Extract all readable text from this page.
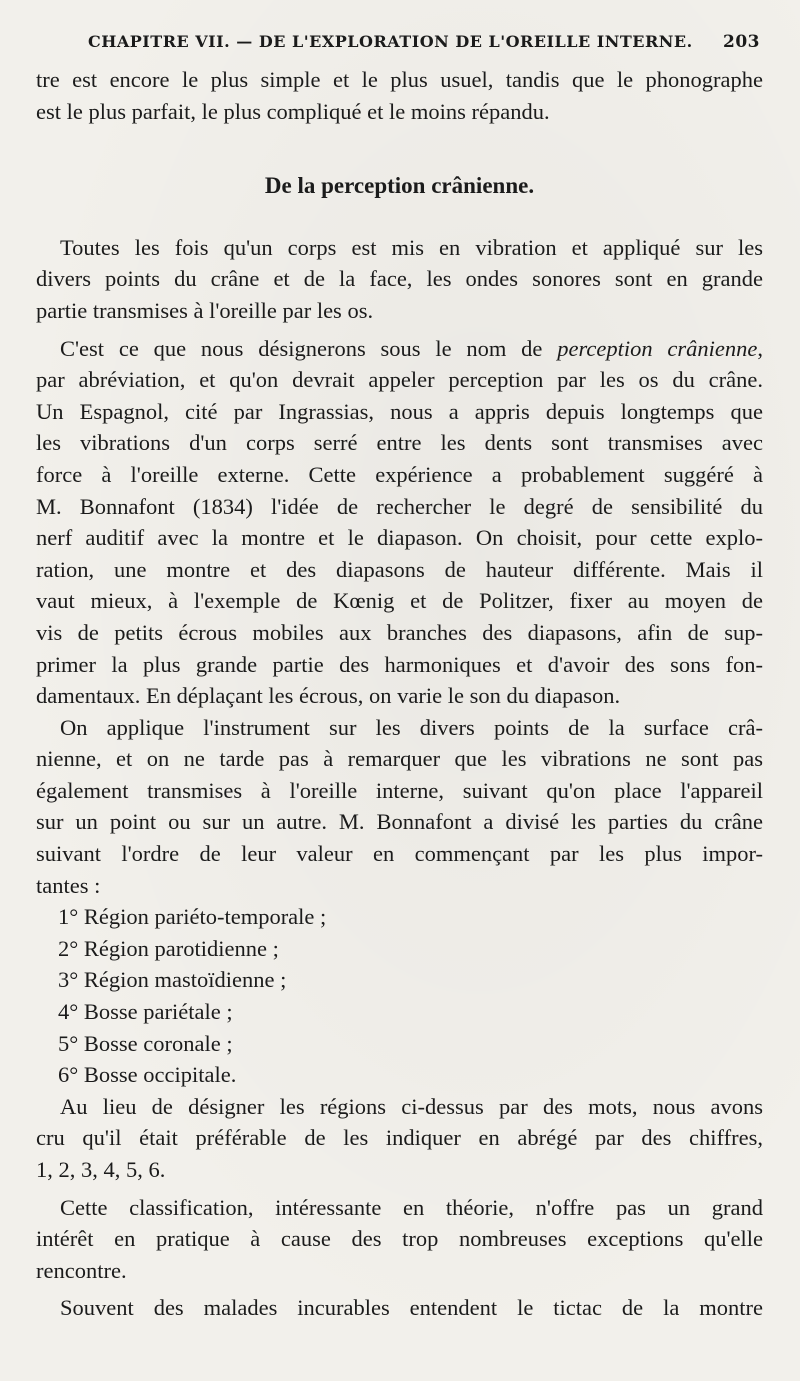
CHAPITRE VII. — DE L'EXPLORATION DE L'OREILLE INTERNE. 203

tre est encore le plus simple et le plus usuel, tandis que le phonographe

est le plus parfait, le plus compliqué et le moins répandu.

De la perception crânienne.

Toutes les fois qu'un corps est mis en vibration et appliqué sur les

divers points du crâne et de la face, les ondes sonores sont en grande

partie transmises à l'oreille par les os.

C'est ce que nous désignerons sous le nom de perception crânienne,

par abréviation, et qu'on devrait appeler perception par les os du crâne.

Un Espagnol, cité par Ingrassias, nous a appris depuis longtemps que

les vibrations d'un corps serré entre les dents sont transmises avec

force à l'oreille externe. Cette expérience a probablement suggéré à

M. Bonnafont (1834) l'idée de rechercher le degré de sensibilité du

nerf auditif avec la montre et le diapason. On choisit, pour cette explo-

ration, une montre et des diapasons de hauteur différente. Mais il

vaut mieux, à l'exemple de Kœnig et de Politzer, fixer au moyen de

vis de petits écrous mobiles aux branches des diapasons, afin de sup-

primer la plus grande partie des harmoniques et d'avoir des sons fon-

damentaux. En déplaçant les écrous, on varie le son du diapason.

On applique l'instrument sur les divers points de la surface crâ-

nienne, et on ne tarde pas à remarquer que les vibrations ne sont pas

également transmises à l'oreille interne, suivant qu'on place l'appareil

sur un point ou sur un autre. M. Bonnafont a divisé les parties du crâne

suivant l'ordre de leur valeur en commençant par les plus impor-

tantes :

1° Région pariéto-temporale ;

2° Région parotidienne ;

3° Région mastoïdienne ;

4° Bosse pariétale ;

5° Bosse coronale ;

6° Bosse occipitale.

Au lieu de désigner les régions ci-dessus par des mots, nous avons

cru qu'il était préférable de les indiquer en abrégé par des chiffres,

1, 2, 3, 4, 5, 6.

Cette classification, intéressante en théorie, n'offre pas un grand

intérêt en pratique à cause des trop nombreuses exceptions qu'elle

rencontre.

Souvent des malades incurables entendent le tictac de la montre
